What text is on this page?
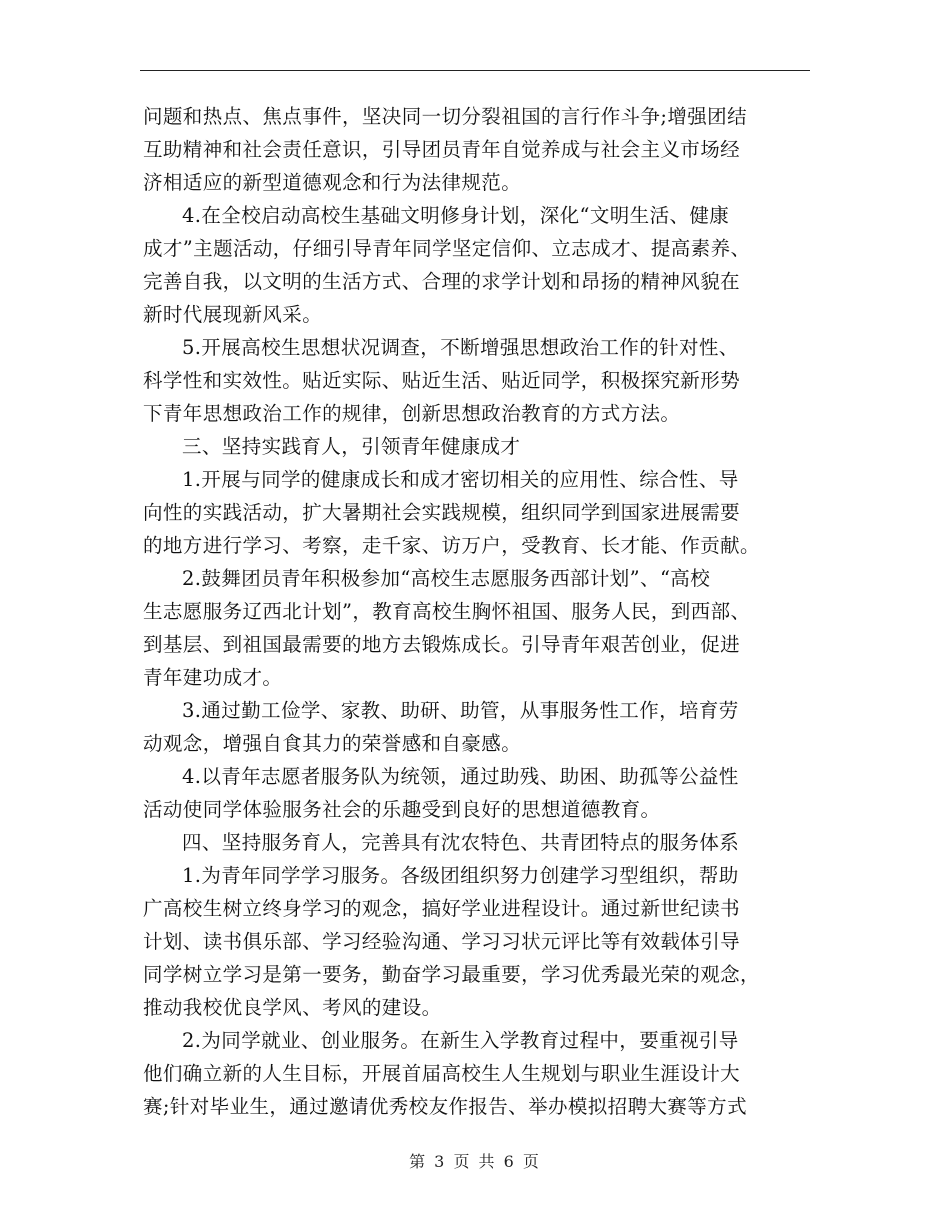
问题和热点、焦点事件，坚决同一切分裂祖国的言行作斗争;增强团结
互助精神和社会责任意识，引导团员青年自觉养成与社会主义市场经
济相适应的新型道德观念和行为法律规范。
4.在全校启动高校生基础文明修身计划，深化“文明生活、健康
成才”主题活动，仔细引导青年同学坚定信仰、立志成才、提高素养、
完善自我，以文明的生活方式、合理的求学计划和昂扬的精神风貌在
新时代展现新风采。
5.开展高校生思想状况调查，不断增强思想政治工作的针对性、
科学性和实效性。贴近实际、贴近生活、贴近同学，积极探究新形势
下青年思想政治工作的规律，创新思想政治教育的方式方法。
三、坚持实践育人，引领青年健康成才
1.开展与同学的健康成长和成才密切相关的应用性、综合性、导
向性的实践活动，扩大暑期社会实践规模，组织同学到国家进展需要
的地方进行学习、考察，走千家、访万户，受教育、长才能、作贡献。
2.鼓舞团员青年积极参加“高校生志愿服务西部计划”、“高校
生志愿服务辽西北计划”，教育高校生胸怀祖国、服务人民，到西部、
到基层、到祖国最需要的地方去锻炼成长。引导青年艰苦创业，促进
青年建功成才。
3.通过勤工俭学、家教、助研、助管，从事服务性工作，培育劳
动观念，增强自食其力的荣誉感和自豪感。
4.以青年志愿者服务队为统领，通过助残、助困、助孤等公益性
活动使同学体验服务社会的乐趣受到良好的思想道德教育。
四、坚持服务育人，完善具有沈农特色、共青团特点的服务体系
1.为青年同学学习服务。各级团组织努力创建学习型组织，帮助
广高校生树立终身学习的观念，搞好学业进程设计。通过新世纪读书
计划、读书俱乐部、学习经验沟通、学习习状元评比等有效载体引导
同学树立学习是第一要务，勤奋学习最重要，学习优秀最光荣的观念，
推动我校优良学风、考风的建设。
2.为同学就业、创业服务。在新生入学教育过程中，要重视引导
他们确立新的人生目标，开展首届高校生人生规划与职业生涯设计大
赛;针对毕业生，通过邀请优秀校友作报告、举办模拟招聘大赛等方式
第 3 页 共 6 页
